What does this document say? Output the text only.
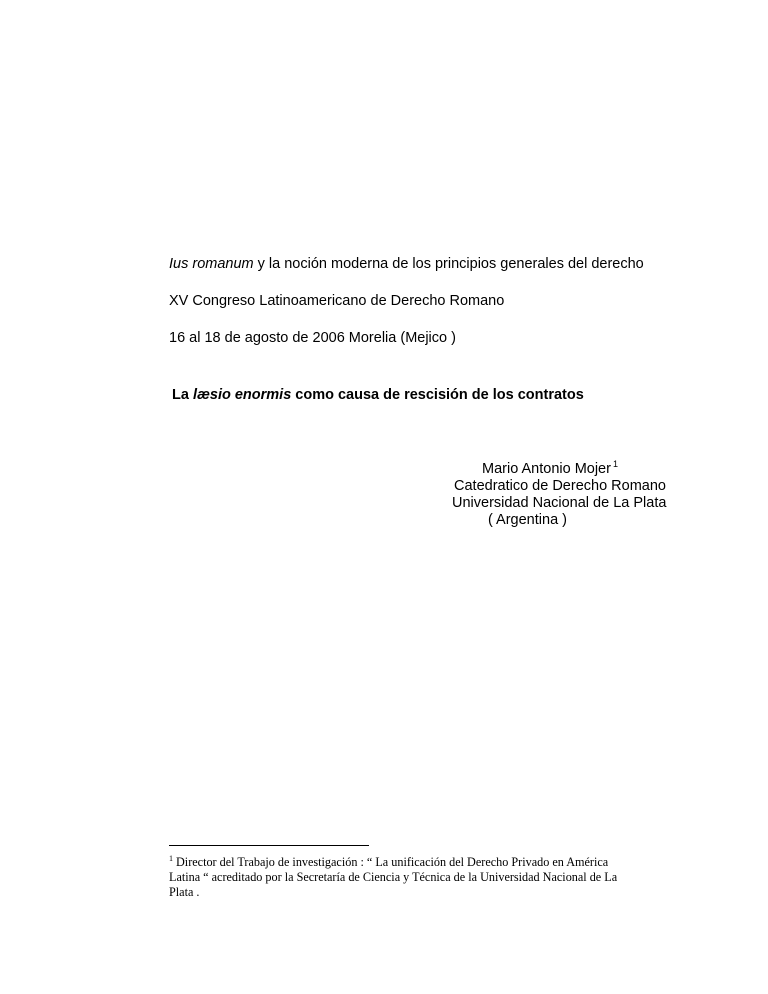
Ius romanum y la noción moderna de los principios generales del derecho
XV Congreso Latinoamericano de Derecho Romano
16 al 18 de agosto de 2006 Morelia (Mejico )
La læsio enormis como causa de rescisión de los contratos
Mario Antonio Mojer $^1$
Catedratico de Derecho Romano
Universidad Nacional de La Plata
( Argentina )
$^1$ Director del Trabajo de investigación : “ La unificación del Derecho Privado en América
Latina “ acreditado por la Secretaría de Ciencia y Técnica de la Universidad Nacional de La
Plata .
